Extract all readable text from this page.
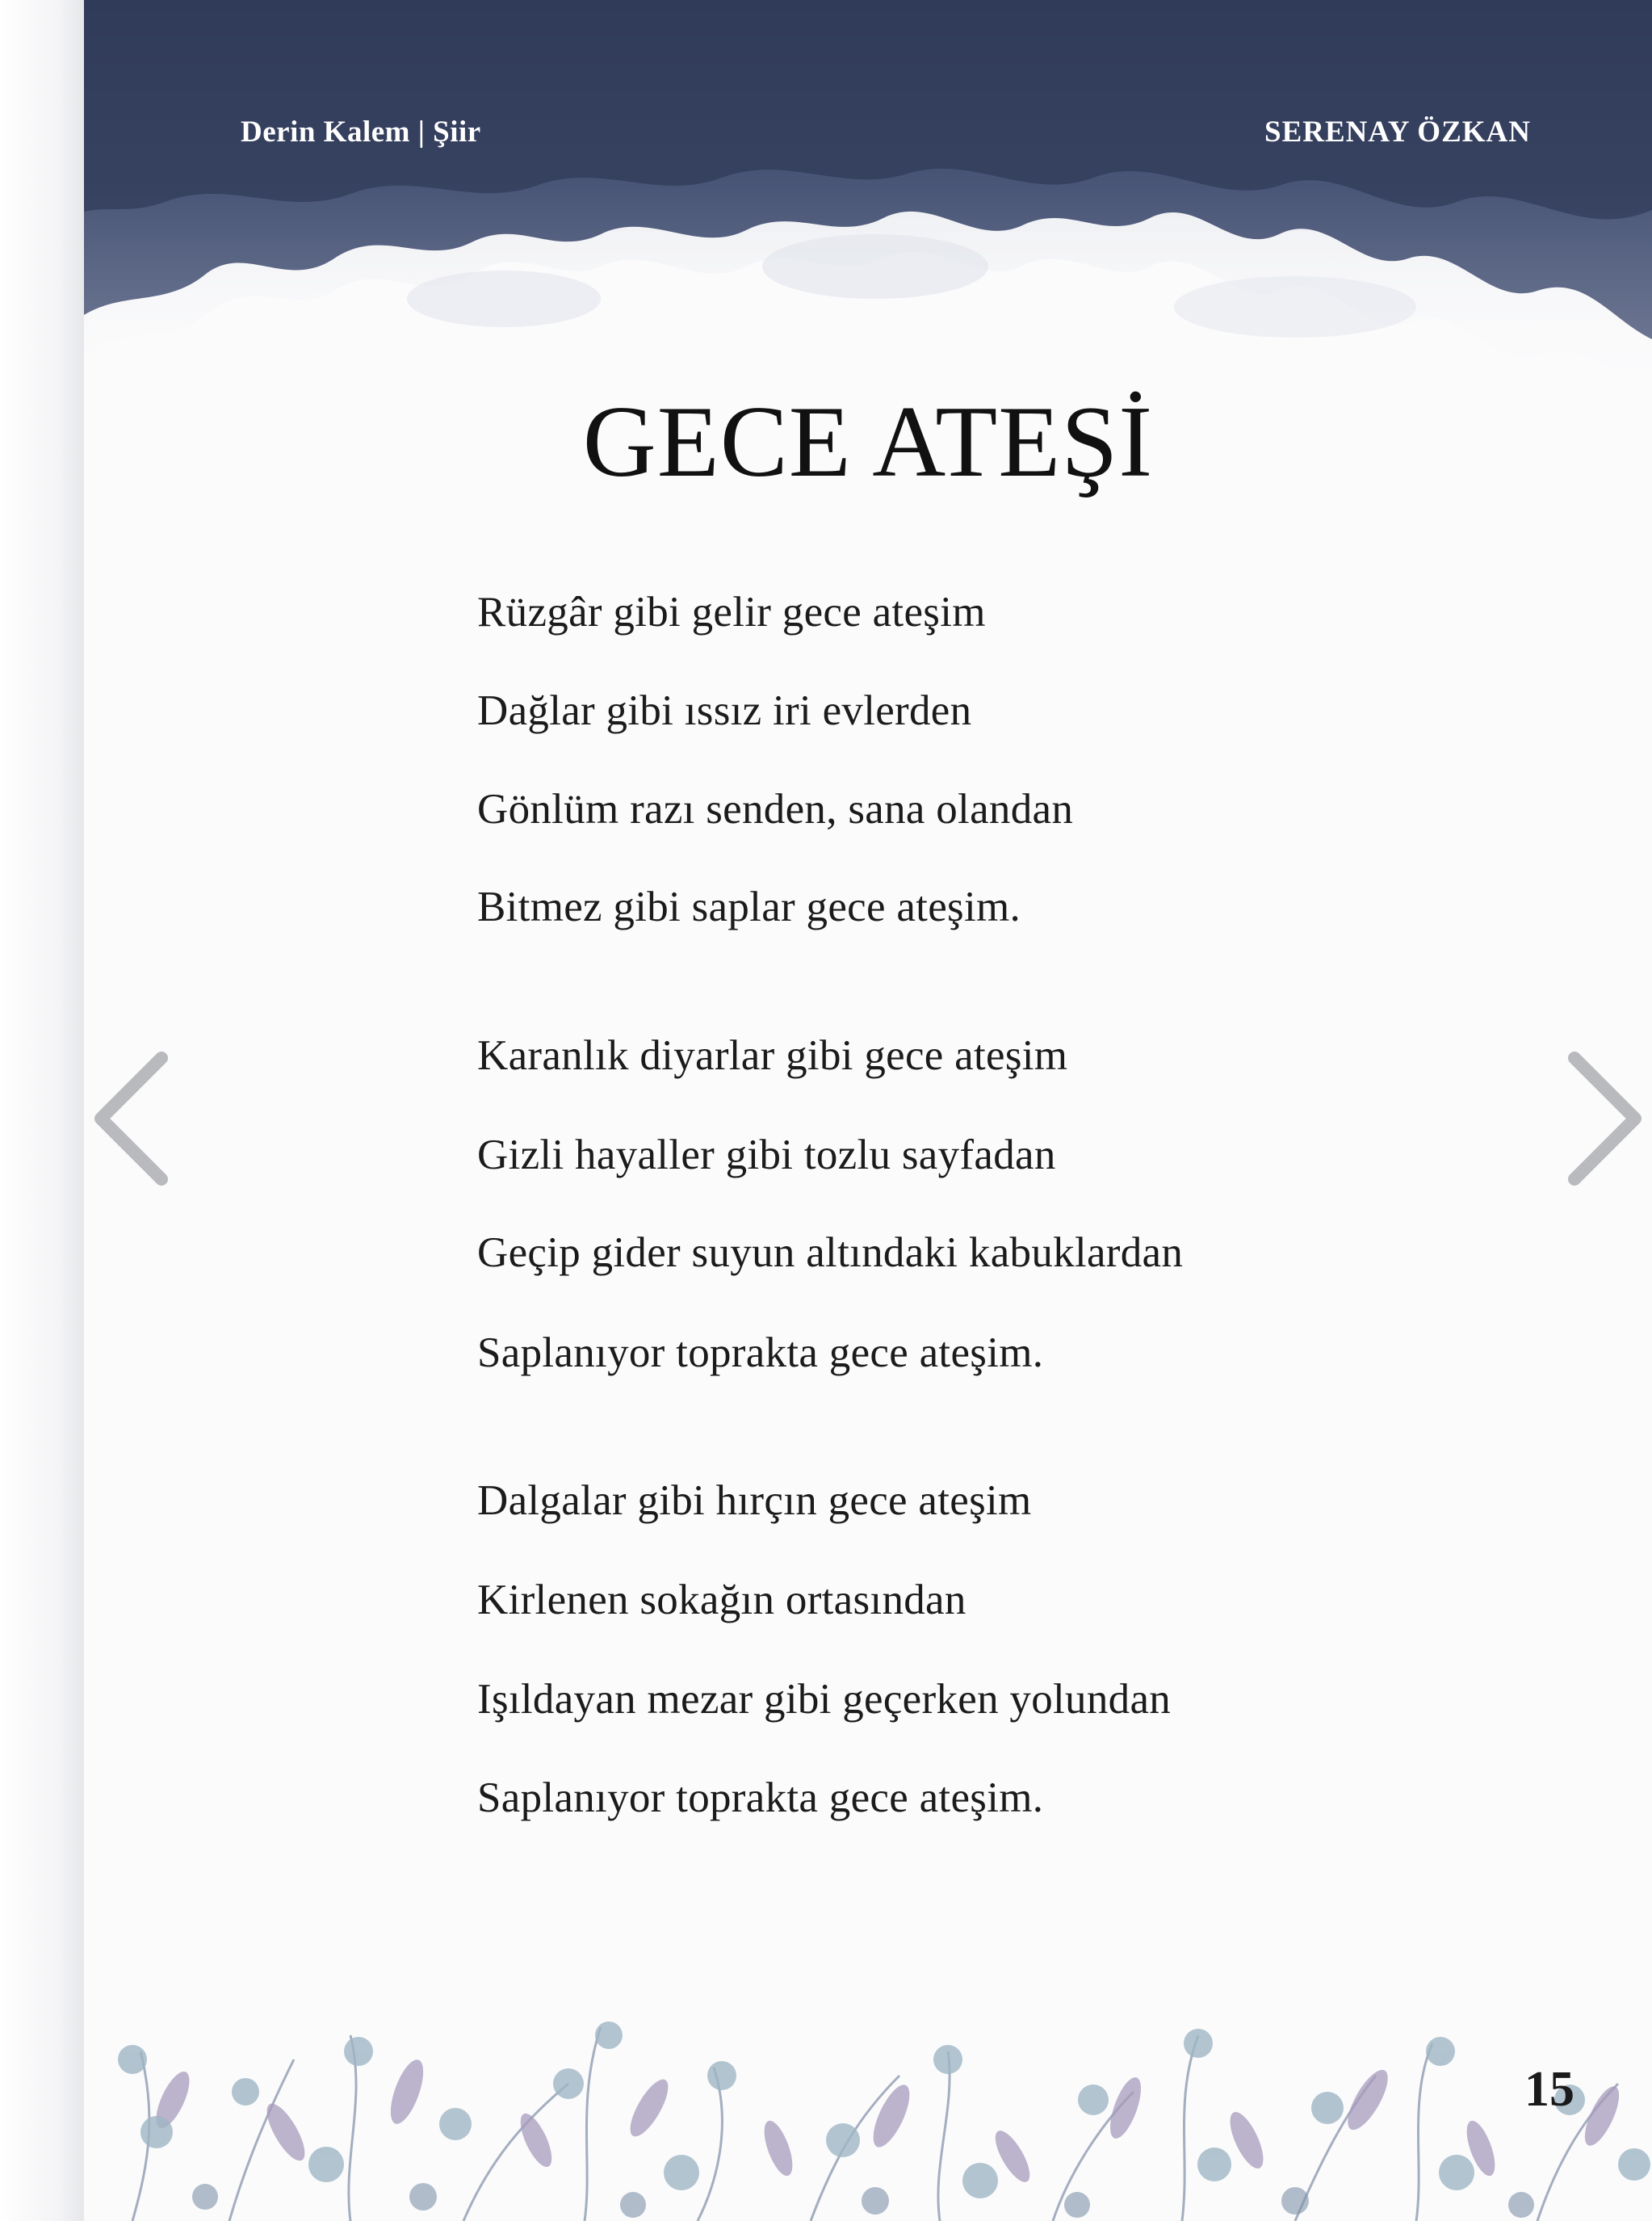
Derin Kalem | Şiir	SERENAY ÖZKAN
GECE ATEŞİ
Rüzgâr gibi gelir gece ateşim
Dağlar gibi ıssız iri evlerden
Gönlüm razı senden, sana olandan
Bitmez gibi saplar gece ateşim.
Karanlık diyarlar gibi gece ateşim
Gizli hayaller gibi tozlu sayfadan
Geçip gider suyun altındaki kabuklardan
Saplanıyor toprakta gece ateşim.
Dalgalar gibi hırçın gece ateşim
Kirlenen sokağın ortasından
Işıldayan mezar gibi geçerken yolundan
Saplanıyor toprakta gece ateşim.
15
